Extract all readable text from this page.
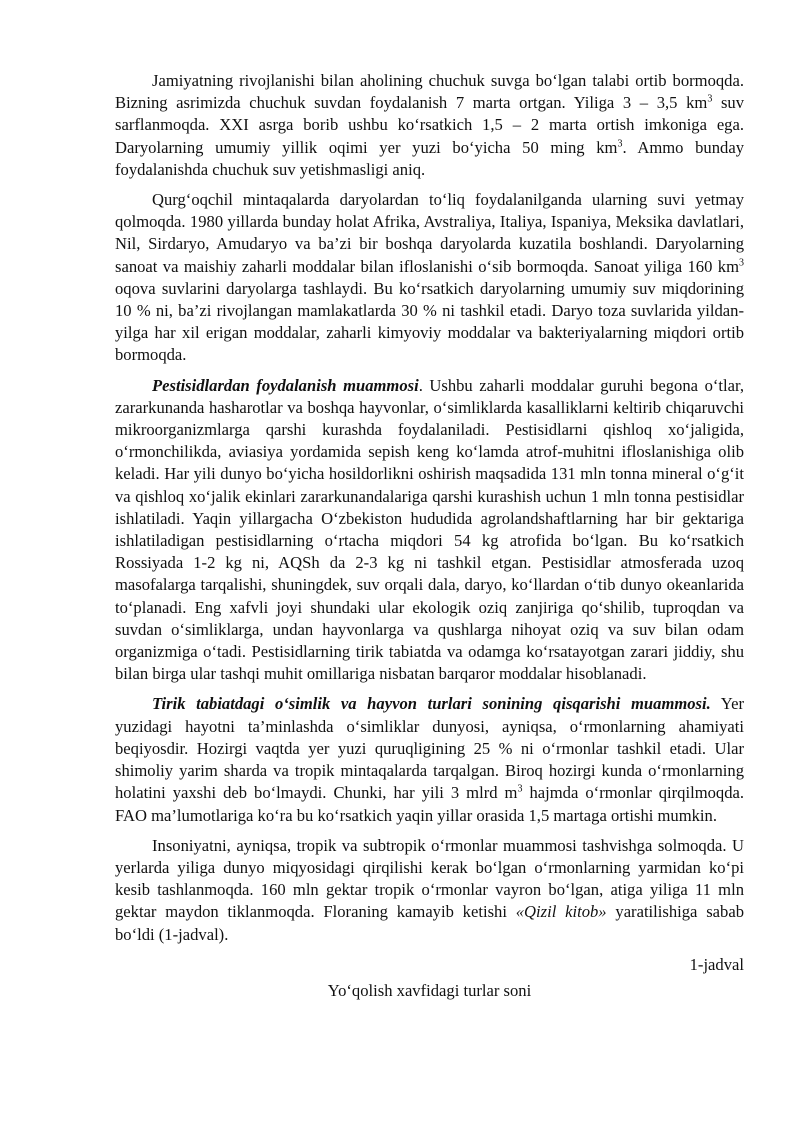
Jamiyatning rivojlanishi bilan aholining chuchuk suvga bo‘lgan talabi ortib bormoqda. Bizning asrimizda chuchuk suvdan foydalanish 7 marta ortgan. Yiliga 3 – 3,5 $km^3$ suv sarflanmoqda. XXI asrga borib ushbu ko‘rsatkich 1,5 – 2 marta ortish imkoniga ega. Daryolarning umumiy yillik oqimi yer yuzi bo‘yicha 50 ming $km^3$. Ammo bunday foydalanishda chuchuk suv yetishmasligi aniq.

Qurg‘oqchil mintaqalarda daryolardan to‘liq foydalanilganda ularning suvi yetmay qolmoqda. 1980 yillarda bunday holat Afrika, Avstraliya, Italiya, Ispaniya, Meksika davlatlari, Nil, Sirdaryo, Amudaryo va ba’zi bir boshqa daryolarda kuzatila boshlandi. Daryolarning sanoat va maishiy zaharli moddalar bilan ifloslanishi o‘sib bormoqda. Sanoat yiliga 160 $km^3$ oqova suvlarini daryolarga tashlaydi. Bu ko‘rsatkich daryolarning umumiy suv miqdorining 10 % ni, ba’zi rivojlangan mamlakatlarda 30 % ni tashkil etadi. Daryo toza suvlarida yildan-yilga har xil erigan moddalar, zaharli kimyoviy moddalar va bakteriyalarning miqdori ortib bormoqda.

Pestisidlardan foydalanish muammosi. Ushbu zaharli moddalar guruhi begona o‘tlar, zararkunanda hasharotlar va boshqa hayvonlar, o‘simliklarda kasalliklarni keltirib chiqaruvchi mikroorganizmlarga qarshi kurashda foydalaniladi. Pestisidlarni qishloq xo‘jaligida, o‘rmonchilikda, aviasiya yordamida sepish keng ko‘lamda atrof-muhitni ifloslanishiga olib keladi. Har yili dunyo bo‘yicha hosildorlikni oshirish maqsadida 131 mln tonna mineral o‘g‘it va qishloq xo‘jalik ekinlari zararkunandalariga qarshi kurashish uchun 1 mln tonna pestisidlar ishlatiladi. Yaqin yillargacha O‘zbekiston hududida agrolandshaftlarning har bir gektariga ishlatiladigan pestisidlarning o‘rtacha miqdori 54 kg atrofida bo‘lgan. Bu ko‘rsatkich Rossiyada 1-2 kg ni, AQSh da 2-3 kg ni tashkil etgan. Pestisidlar atmosferada uzoq masofalarga tarqalishi, shuningdek, suv orqali dala, daryo, ko‘llardan o‘tib dunyo okeanlarida to‘planadi. Eng xafvli joyi shundaki ular ekologik oziq zanjiriga qo‘shilib, tuproqdan va suvdan o‘simliklarga, undan hayvonlarga va qushlarga nihoyat oziq va suv bilan odam organizmiga o‘tadi. Pestisidlarning tirik tabiatda va odamga ko‘rsatayotgan zarari jiddiy, shu bilan birga ular tashqi muhit omillariga nisbatan barqaror moddalar hisoblanadi.

Tirik tabiatdagi o‘simlik va hayvon turlari sonining qisqarishi muammosi. Yer yuzidagi hayotni ta’minlashda o‘simliklar dunyosi, ayniqsa, o‘rmonlarning ahamiyati beqiyosdir. Hozirgi vaqtda yer yuzi quruqligining 25 % ni o‘rmonlar tashkil etadi. Ular shimoliy yarim sharda va tropik mintaqalarda tarqalgan. Biroq hozirgi kunda o‘rmonlarning holatini yaxshi deb bo‘lmaydi. Chunki, har yili 3 mlrd $m^3$ hajmda o‘rmonlar qirqilmoqda. FAO ma’lumotlariga ko‘ra bu ko‘rsatkich yaqin yillar orasida 1,5 martaga ortishi mumkin.

Insoniyatni, ayniqsa, tropik va subtropik o‘rmonlar muammosi tashvishga solmoqda. U yerlarda yiliga dunyo miqyosidagi qirqilishi kerak bo‘lgan o‘rmonlarning yarmidan ko‘pi kesib tashlanmoqda. 160 mln gektar tropik o‘rmonlar vayron bo‘lgan, atiga yiliga 11 mln gektar maydon tiklanmoqda. Floraning kamayib ketishi «Qizil kitob» yaratilishiga sabab bo‘ldi (1-jadval).

1-jadval

Yo‘qolish xavfidagi turlar soni
